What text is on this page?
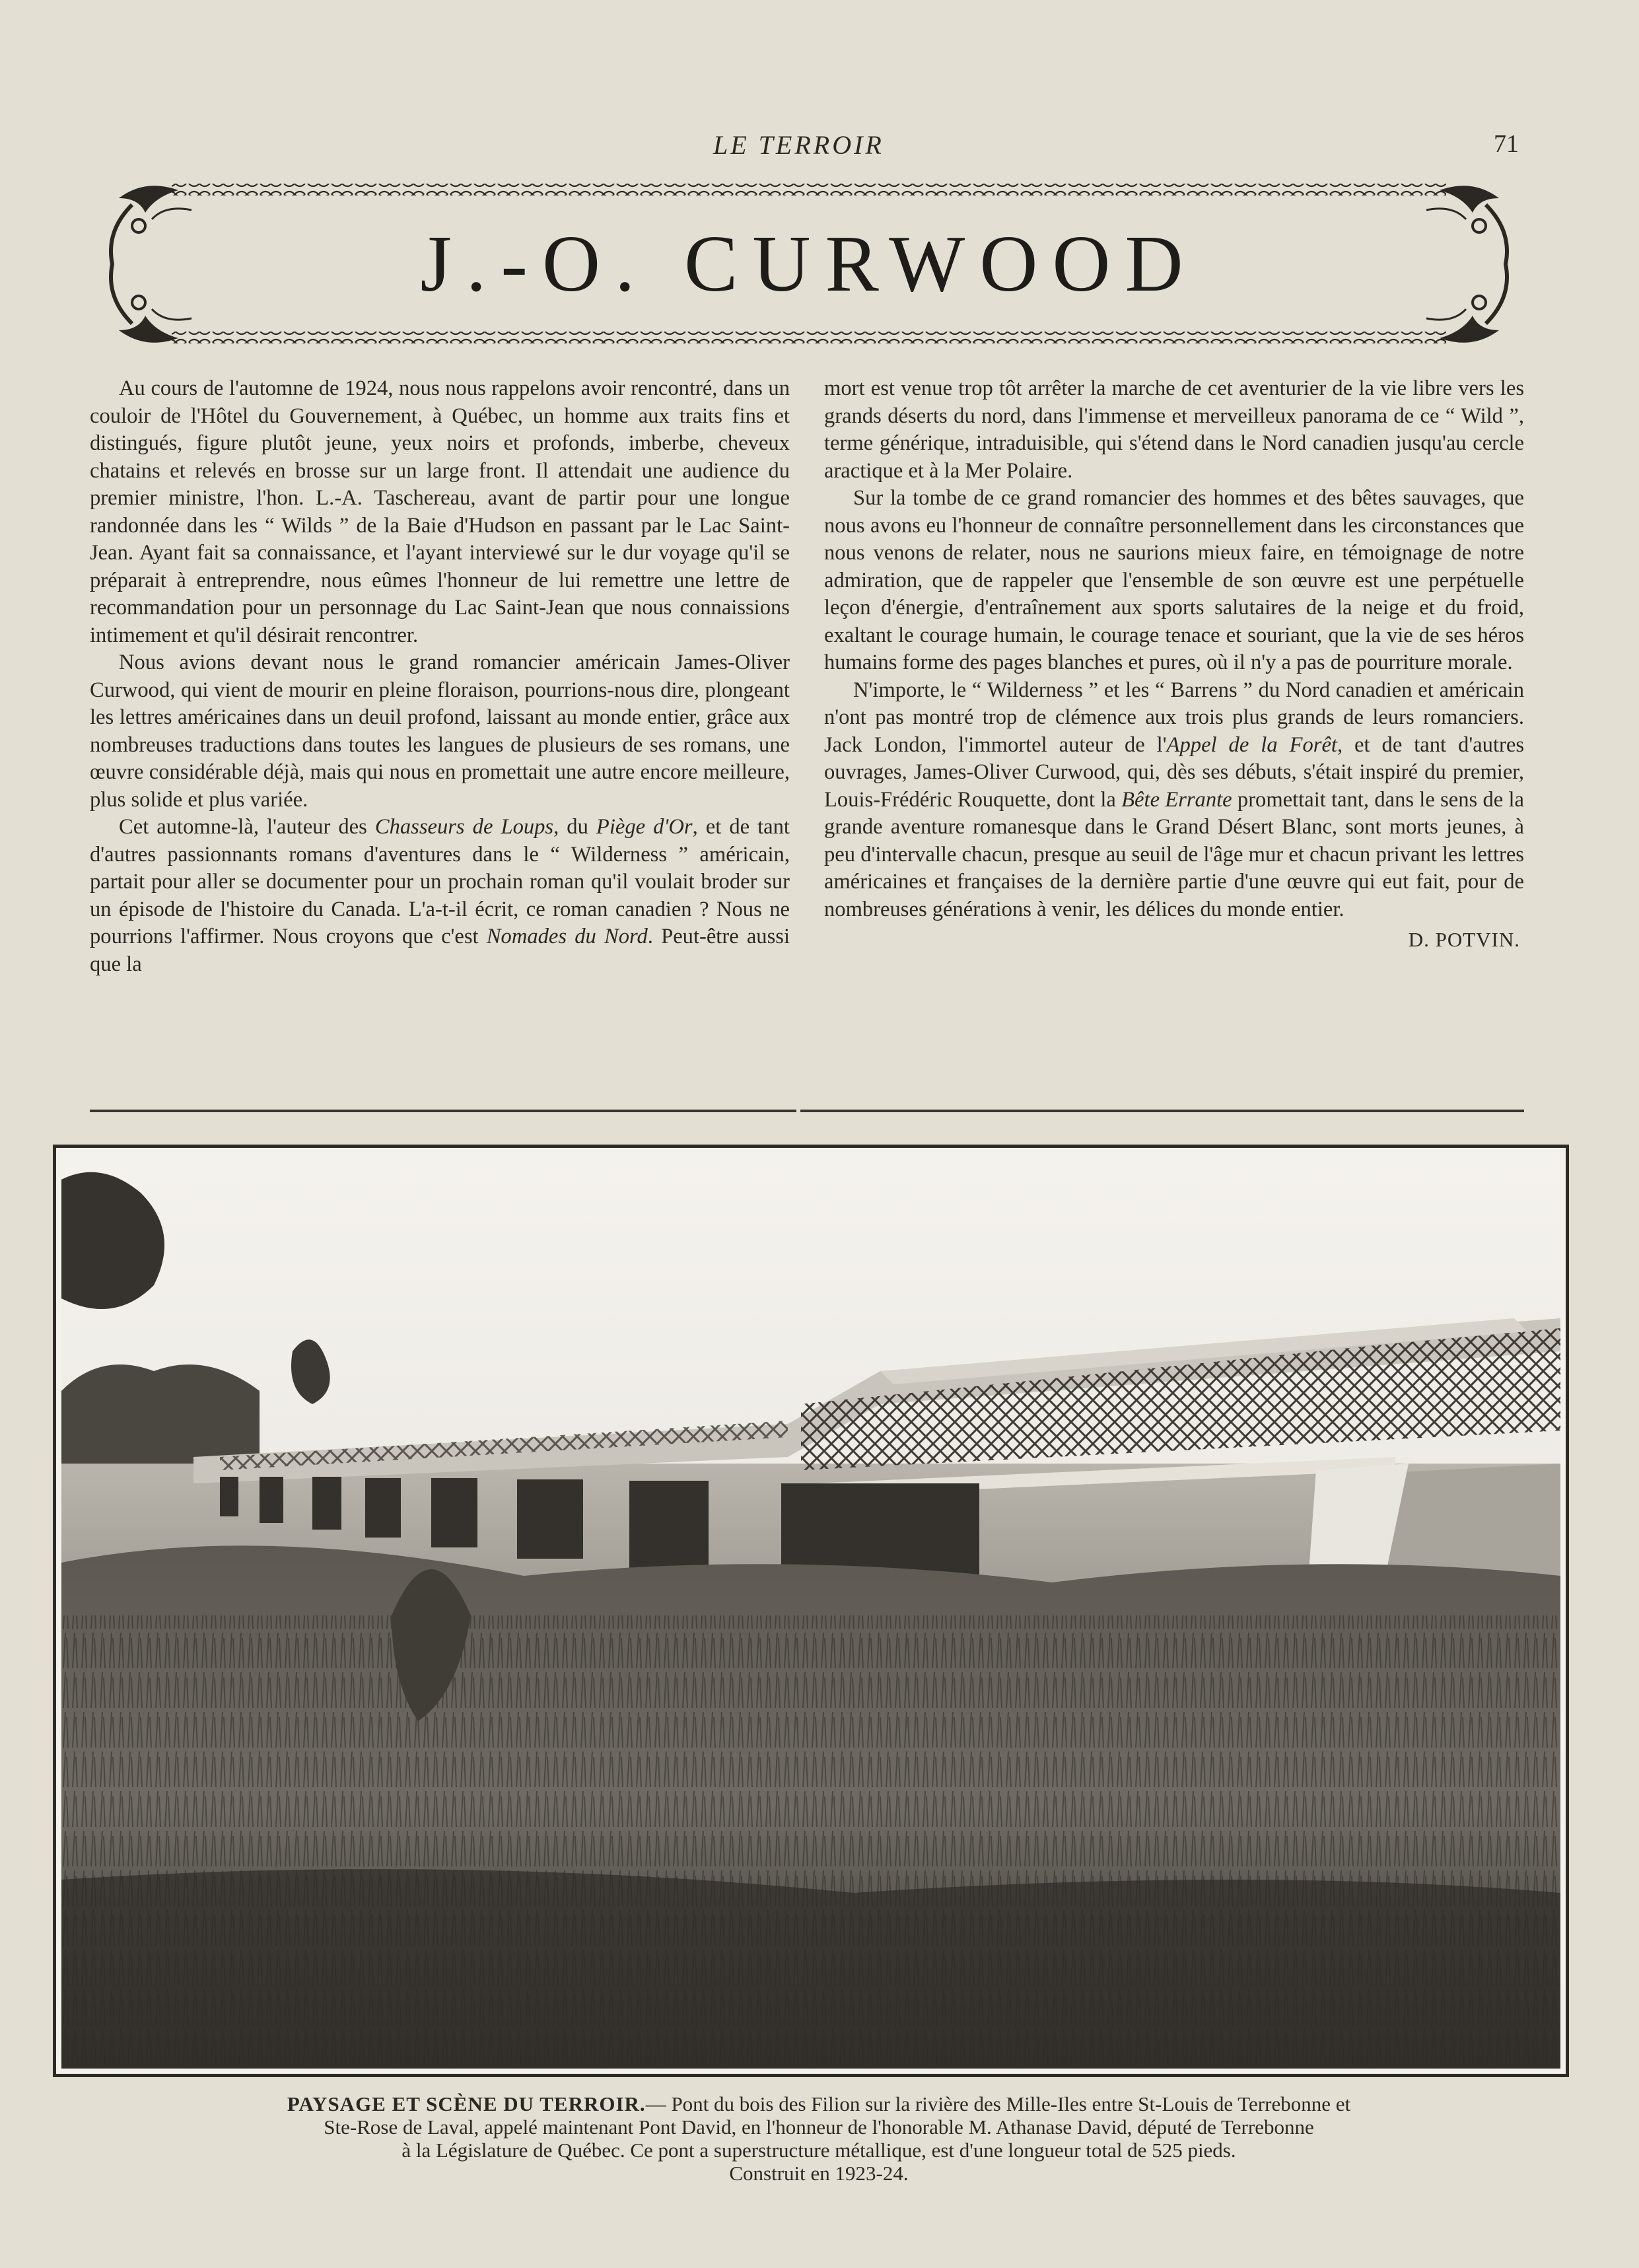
LE TERROIR	71
J.-O. CURWOOD

Au cours de l'automne de 1924, nous nous rappelons avoir rencontré, dans un couloir de l'Hôtel du Gouvernement, à Québec, un homme aux traits fins et distingués, figure plutôt jeune, yeux noirs et profonds, imberbe, cheveux chatains et relevés en brosse sur un large front. Il attendait une audience du premier ministre, l'hon. L.-A. Taschereau, avant de partir pour une longue randonnée dans les “ Wilds ” de la Baie d'Hudson en passant par le Lac Saint-Jean. Ayant fait sa connaissance, et l'ayant interviewé sur le dur voyage qu'il se préparait à entreprendre, nous eûmes l'honneur de lui remettre une lettre de recommandation pour un personnage du Lac Saint-Jean que nous connaissions intimement et qu'il désirait rencontrer.

Nous avions devant nous le grand romancier américain James-Oliver Curwood, qui vient de mourir en pleine floraison, pourrions-nous dire, plongeant les lettres américaines dans un deuil profond, laissant au monde entier, grâce aux nombreuses traductions dans toutes les langues de plusieurs de ses romans, une œuvre considérable déjà, mais qui nous en promettait une autre encore meilleure, plus solide et plus variée.

Cet automne-là, l'auteur des Chasseurs de Loups, du Piège d'Or, et de tant d'autres passionnants romans d'aventures dans le “ Wilderness ” américain, partait pour aller se documenter pour un prochain roman qu'il voulait broder sur un épisode de l'histoire du Canada. L'a-t-il écrit, ce roman canadien ? Nous ne pourrions l'affirmer. Nous croyons que c'est Nomades du Nord. Peut-être aussi que la

mort est venue trop tôt arrêter la marche de cet aventurier de la vie libre vers les grands déserts du nord, dans l'immense et merveilleux panorama de ce “ Wild ”, terme générique, intraduisible, qui s'étend dans le Nord canadien jusqu'au cercle aractique et à la Mer Polaire.

Sur la tombe de ce grand romancier des hommes et des bêtes sauvages, que nous avons eu l'honneur de connaître personnellement dans les circonstances que nous venons de relater, nous ne saurions mieux faire, en témoignage de notre admiration, que de rappeler que l'ensemble de son œuvre est une perpétuelle leçon d'énergie, d'entraînement aux sports salutaires de la neige et du froid, exaltant le courage humain, le courage tenace et souriant, que la vie de ses héros humains forme des pages blanches et pures, où il n'y a pas de pourriture morale.

N'importe, le “ Wilderness ” et les “ Barrens ” du Nord canadien et américain n'ont pas montré trop de clémence aux trois plus grands de leurs romanciers. Jack London, l'immortel auteur de l'Appel de la Forêt, et de tant d'autres ouvrages, James-Oliver Curwood, qui, dès ses débuts, s'était inspiré du premier, Louis-Frédéric Rouquette, dont la Bête Errante promettait tant, dans le sens de la grande aventure romanesque dans le Grand Désert Blanc, sont morts jeunes, à peu d'intervalle chacun, presque au seuil de l'âge mur et chacun privant les lettres américaines et françaises de la dernière partie d'une œuvre qui eut fait, pour de nombreuses générations à venir, les délices du monde entier.

D. POTVIN.
PAYSAGE ET SCÈNE DU TERROIR.— Pont du bois des Filion sur la rivière des Mille-Iles entre St-Louis de Terrebonne et
Ste-Rose de Laval, appelé maintenant Pont David, en l'honneur de l'honorable M. Athanase David, député de Terrebonne
à la Législature de Québec. Ce pont a superstructure métallique, est d'une longueur total de 525 pieds.
Construit en 1923-24.
